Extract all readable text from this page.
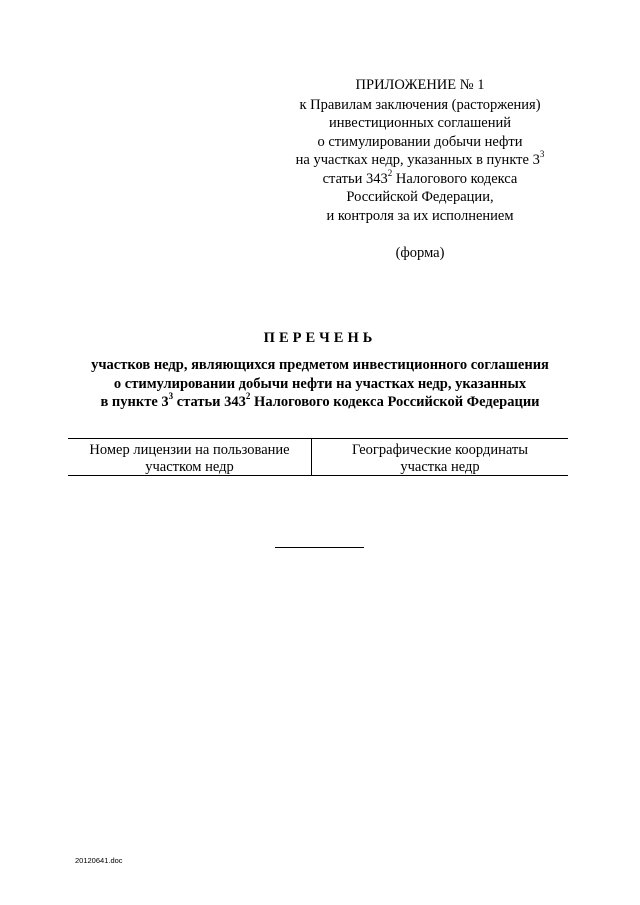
ПРИЛОЖЕНИЕ № 1
к Правилам заключения (расторжения)
инвестиционных соглашений
о стимулировании добычи нефти
на участках недр, указанных в пункте $3^3$
статьи $343^2$ Налогового кодекса
Российской Федерации,
и контроля за их исполнением
(форма)
ПЕРЕЧЕНЬ
участков недр, являющихся предметом инвестиционного соглашения
о стимулировании добычи нефти на участках недр, указанных
в пункте $3^3$ статьи $343^2$ Налогового кодекса Российской Федерации
Номер лицензии на пользование
участком недр
Географические координаты
участка недр
20120641.doc
